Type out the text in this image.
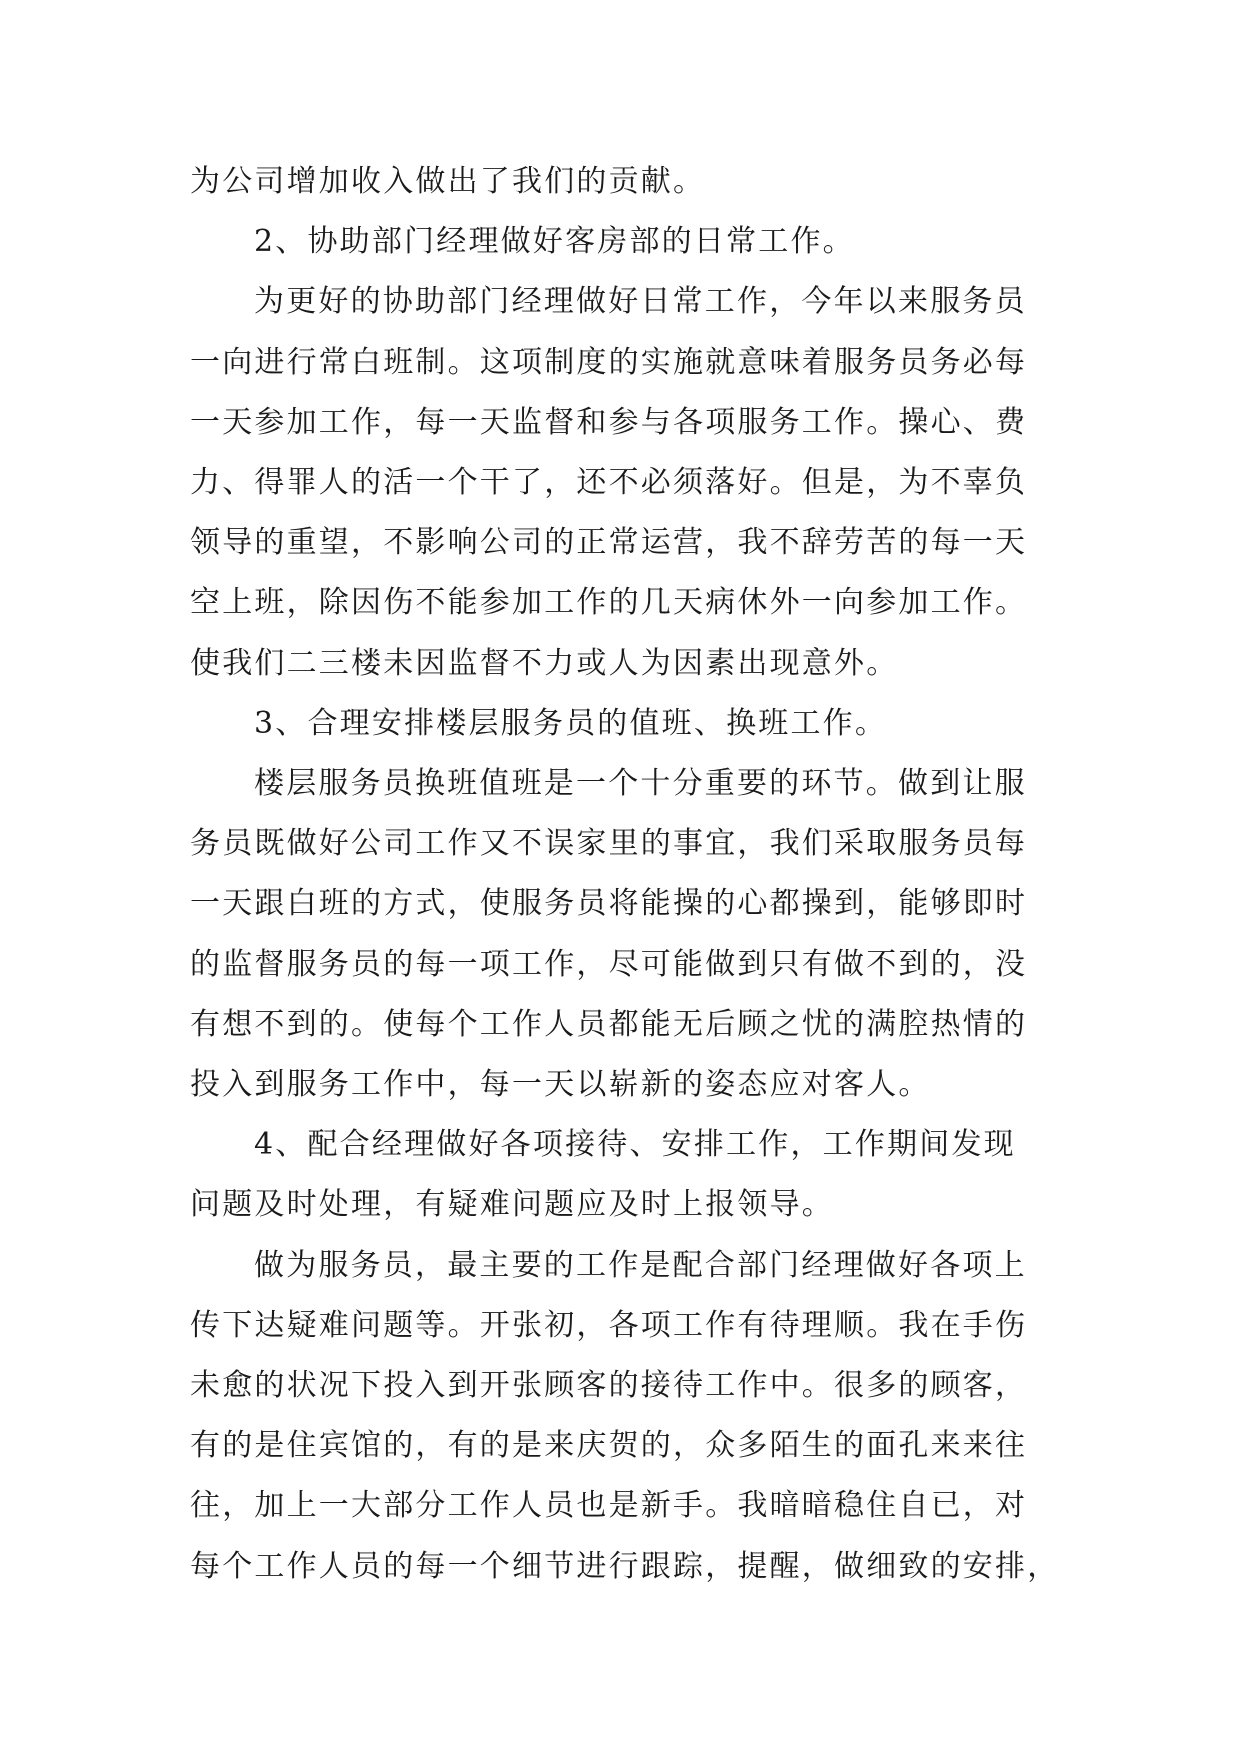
为公司增加收入做出了我们的贡献。
2、协助部门经理做好客房部的日常工作。
为更好的协助部门经理做好日常工作，今年以来服务员
一向进行常白班制。这项制度的实施就意味着服务员务必每
一天参加工作，每一天监督和参与各项服务工作。操心、费
力、得罪人的活一个干了，还不必须落好。但是，为不辜负
领导的重望，不影响公司的正常运营，我不辞劳苦的每一天
空上班，除因伤不能参加工作的几天病休外一向参加工作。
使我们二三楼未因监督不力或人为因素出现意外。
3、合理安排楼层服务员的值班、换班工作。
楼层服务员换班值班是一个十分重要的环节。做到让服
务员既做好公司工作又不误家里的事宜，我们采取服务员每
一天跟白班的方式，使服务员将能操的心都操到，能够即时
的监督服务员的每一项工作，尽可能做到只有做不到的，没
有想不到的。使每个工作人员都能无后顾之忧的满腔热情的
投入到服务工作中，每一天以崭新的姿态应对客人。
4、配合经理做好各项接待、安排工作，工作期间发现
问题及时处理，有疑难问题应及时上报领导。
做为服务员，最主要的工作是配合部门经理做好各项上
传下达疑难问题等。开张初，各项工作有待理顺。我在手伤
未愈的状况下投入到开张顾客的接待工作中。很多的顾客，
有的是住宾馆的，有的是来庆贺的，众多陌生的面孔来来往
往，加上一大部分工作人员也是新手。我暗暗稳住自已，对
每个工作人员的每一个细节进行跟踪，提醒，做细致的安排，
